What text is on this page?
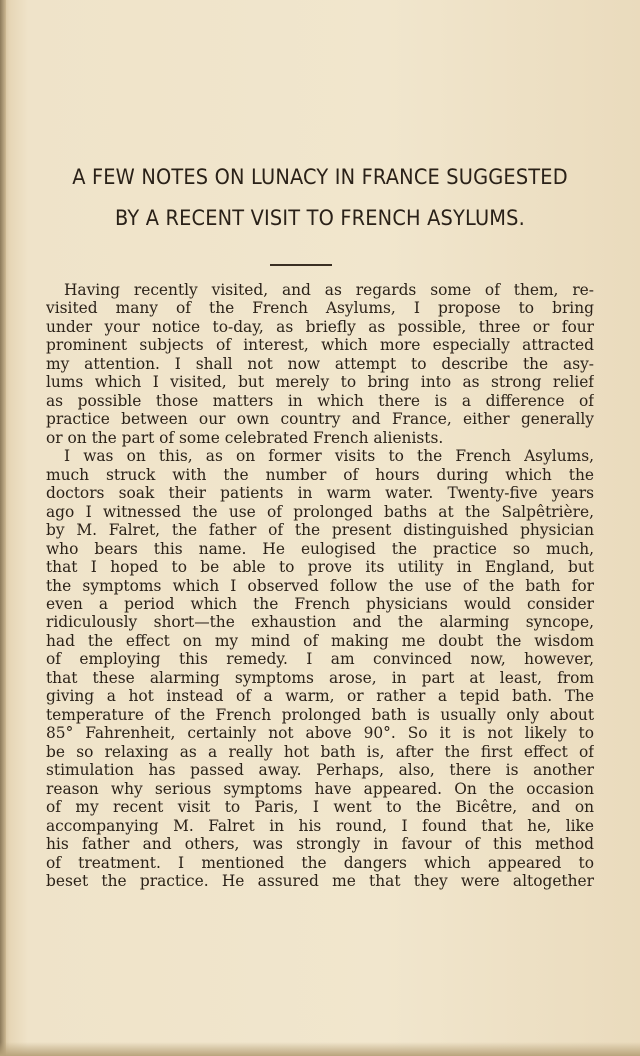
A FEW NOTES ON LUNACY IN FRANCE SUGGESTED
BY A RECENT VISIT TO FRENCH ASYLUMS.
Having recently visited, and as regards some of them, re-
visited many of the French Asylums, I propose to bring
under your notice to-day, as briefly as possible, three or four
prominent subjects of interest, which more especially attracted
my attention. I shall not now attempt to describe the asy-
lums which I visited, but merely to bring into as strong relief
as possible those matters in which there is a difference of
practice between our own country and France, either generally
or on the part of some celebrated French alienists.
I was on this, as on former visits to the French Asylums,
much struck with the number of hours during which the
doctors soak their patients in warm water. Twenty-five years
ago I witnessed the use of prolonged baths at the Salpêtrière,
by M. Falret, the father of the present distinguished physician
who bears this name. He eulogised the practice so much,
that I hoped to be able to prove its utility in England, but
the symptoms which I observed follow the use of the bath for
even a period which the French physicians would consider
ridiculously short—the exhaustion and the alarming syncope,
had the effect on my mind of making me doubt the wisdom
of employing this remedy. I am convinced now, however,
that these alarming symptoms arose, in part at least, from
giving a hot instead of a warm, or rather a tepid bath. The
temperature of the French prolonged bath is usually only about
85° Fahrenheit, certainly not above 90°. So it is not likely to
be so relaxing as a really hot bath is, after the first effect of
stimulation has passed away. Perhaps, also, there is another
reason why serious symptoms have appeared. On the occasion
of my recent visit to Paris, I went to the Bicêtre, and on
accompanying M. Falret in his round, I found that he, like
his father and others, was strongly in favour of this method
of treatment. I mentioned the dangers which appeared to
beset the practice. He assured me that they were altogether
